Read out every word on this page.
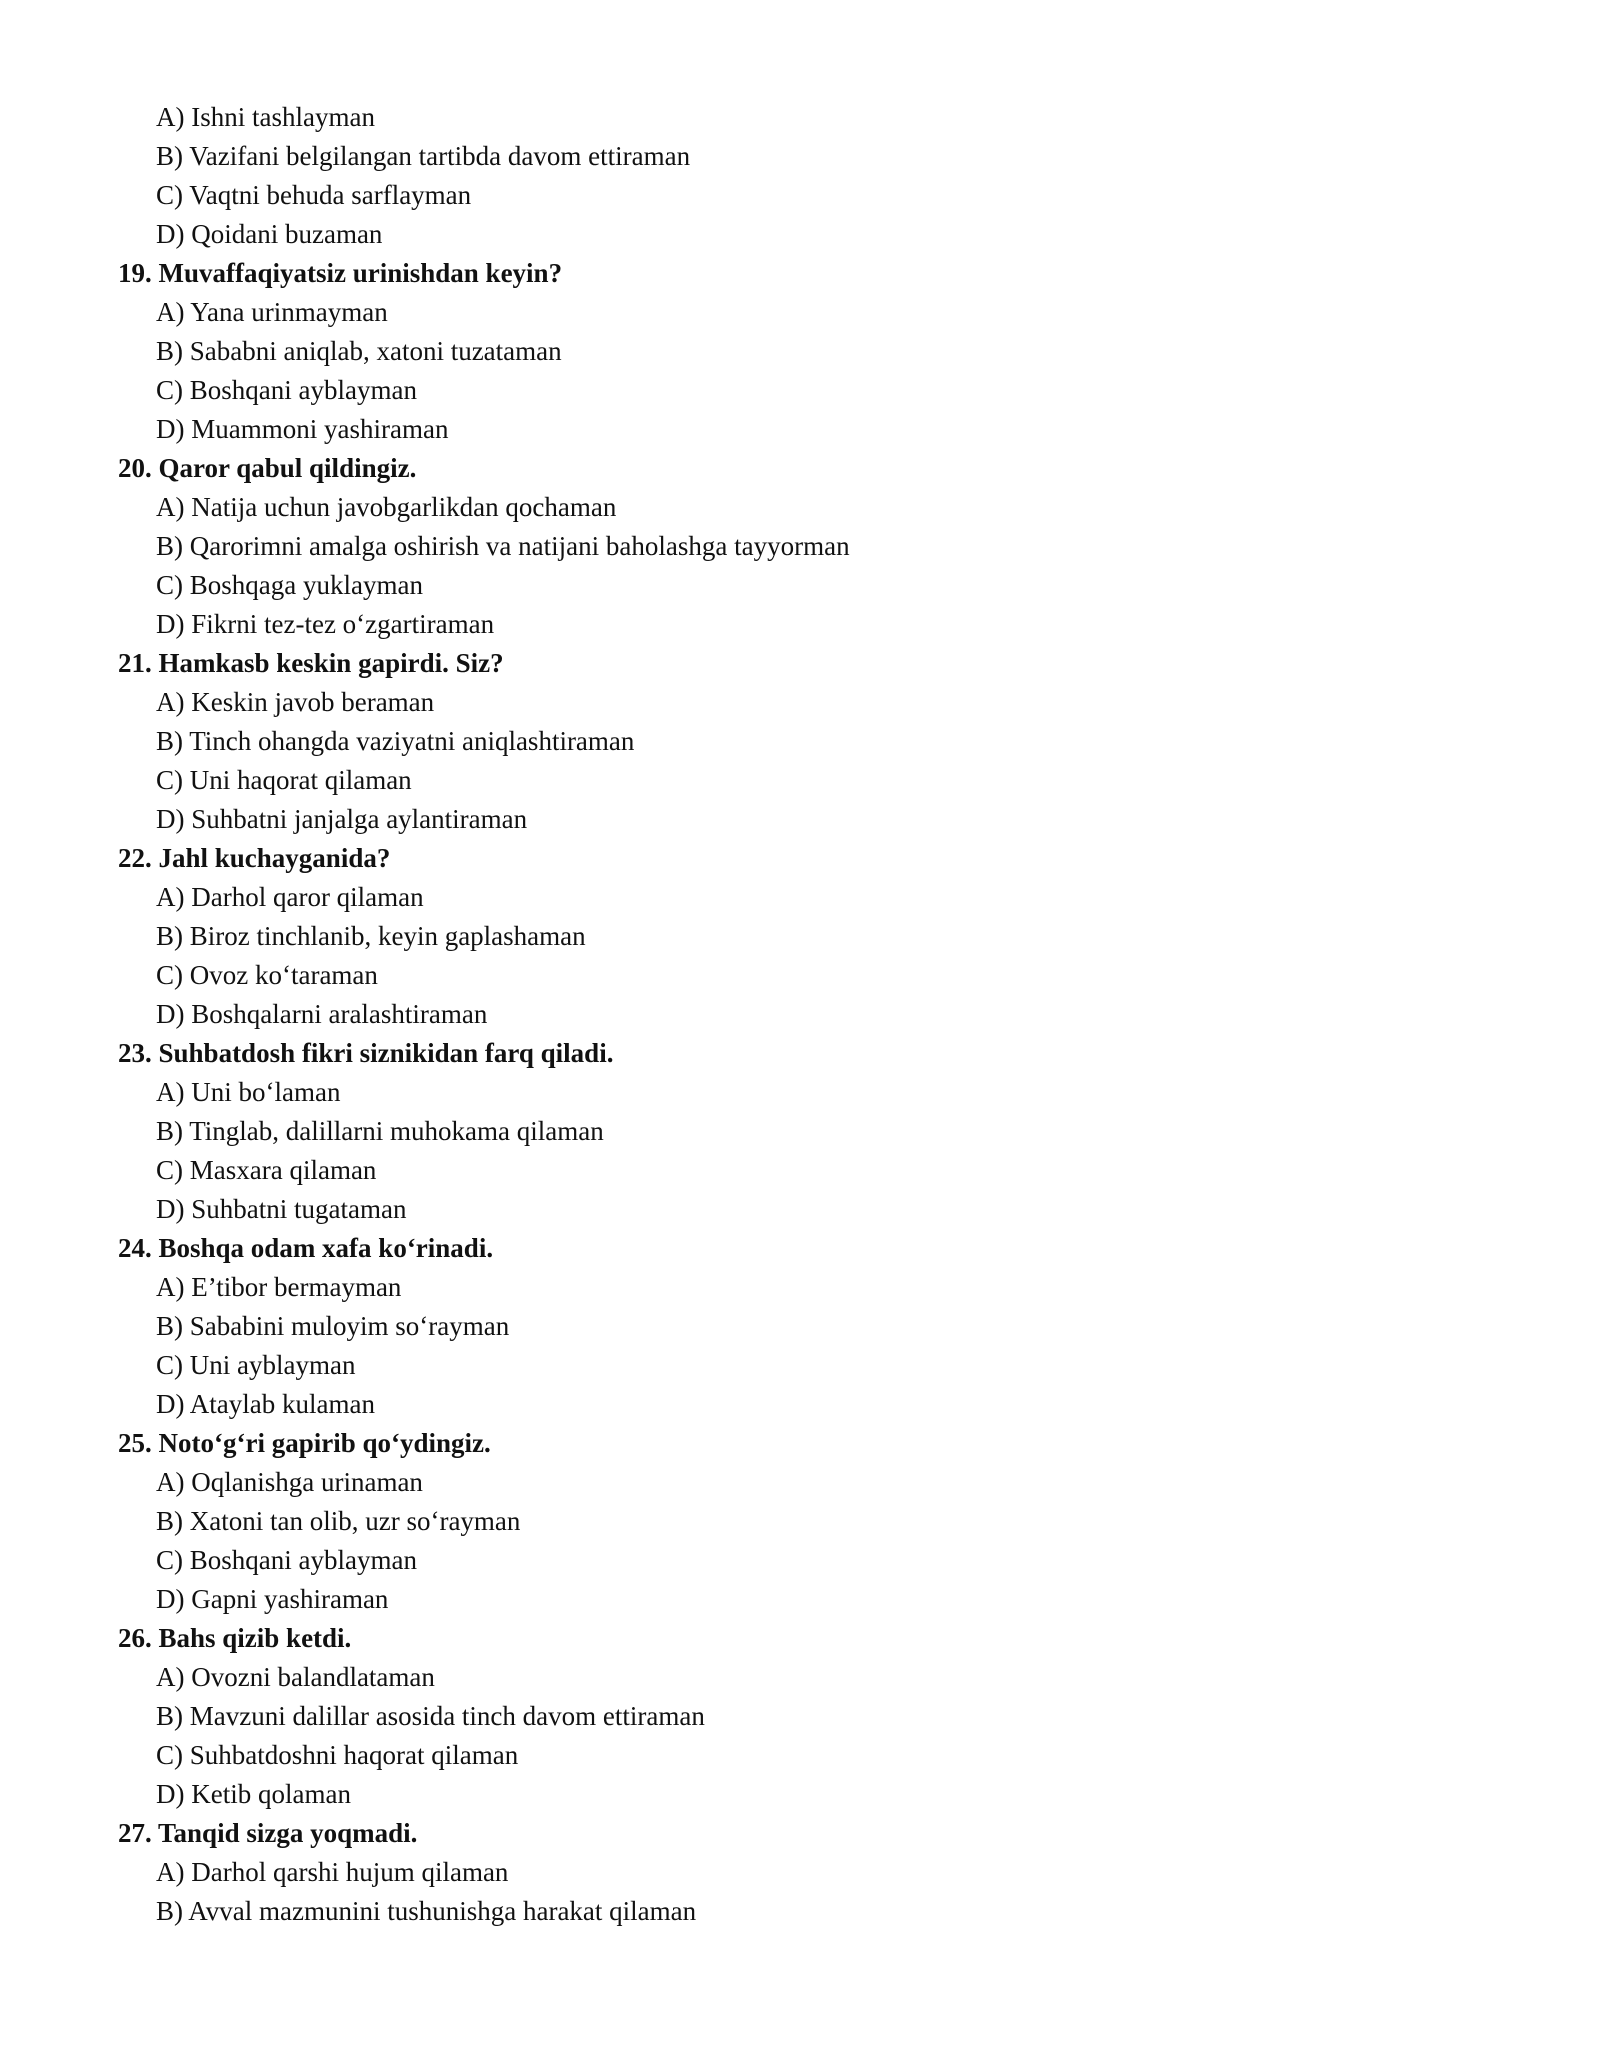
A) Ishni tashlayman
B) Vazifani belgilangan tartibda davom ettiraman
C) Vaqtni behuda sarflayman
D) Qoidani buzaman
19. Muvaffaqiyatsiz urinishdan keyin?
A) Yana urinmayman
B) Sababni aniqlab, xatoni tuzataman
C) Boshqani ayblayman
D) Muammoni yashiraman
20. Qaror qabul qildingiz.
A) Natija uchun javobgarlikdan qochaman
B) Qarorimni amalga oshirish va natijani baholashga tayyorman
C) Boshqaga yuklayman
D) Fikrni tez-tez o‘zgartiraman
21. Hamkasb keskin gapirdi. Siz?
A) Keskin javob beraman
B) Tinch ohangda vaziyatni aniqlashtiraman
C) Uni haqorat qilaman
D) Suhbatni janjalga aylantiraman
22. Jahl kuchayganida?
A) Darhol qaror qilaman
B) Biroz tinchlanib, keyin gaplashaman
C) Ovoz ko‘taraman
D) Boshqalarni aralashtiraman
23. Suhbatdosh fikri siznikidan farq qiladi.
A) Uni bo‘laman
B) Tinglab, dalillarni muhokama qilaman
C) Masxara qilaman
D) Suhbatni tugataman
24. Boshqa odam xafa ko‘rinadi.
A) E’tibor bermayman
B) Sababini muloyim so‘rayman
C) Uni ayblayman
D) Ataylab kulaman
25. Noto‘g‘ri gapirib qo‘ydingiz.
A) Oqlanishga urinaman
B) Xatoni tan olib, uzr so‘rayman
C) Boshqani ayblayman
D) Gapni yashiraman
26. Bahs qizib ketdi.
A) Ovozni balandlataman
B) Mavzuni dalillar asosida tinch davom ettiraman
C) Suhbatdoshni haqorat qilaman
D) Ketib qolaman
27. Tanqid sizga yoqmadi.
A) Darhol qarshi hujum qilaman
B) Avval mazmunini tushunishga harakat qilaman
